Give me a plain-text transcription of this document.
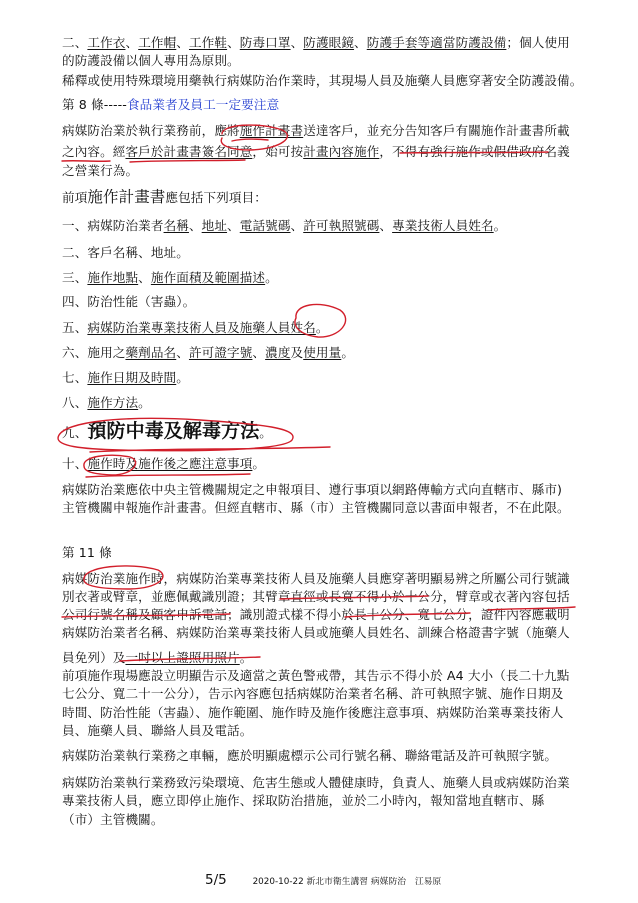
二、工作衣、工作帽、工作鞋、防毒口罩、防護眼鏡、防護手套等適當防護設備；個人使用
的防護設備以個人專用為原則。
稀釋或使用特殊環境用藥執行病媒防治作業時，其現場人員及施藥人員應穿著安全防護設備。
第 8 條-----食品業者及員工一定要注意
病媒防治業於執行業務前，應將施作計畫書送達客戶，並充分告知客戶有關施作計畫書所載
之內容。經客戶於計畫書簽名同意，始可按計畫內容施作，不得有強行施作或假借政府名義
之營業行為。
前項施作計畫書應包括下列項目：
一、病媒防治業者名稱、地址、電話號碼、許可執照號碼、專業技術人員姓名。
二、客戶名稱、地址。
三、施作地點、施作面積及範圍描述。
四、防治性能（害蟲）。
五、病媒防治業專業技術人員及施藥人員姓名。
六、施用之藥劑品名、許可證字號、濃度及使用量。
七、施作日期及時間。
八、施作方法。
九、預防中毒及解毒方法。
十、施作時及施作後之應注意事項。
病媒防治業應依中央主管機關規定之申報項目、遵行事項以網路傳輸方式向直轄市、縣市)
主管機關申報施作計畫書。但經直轄市、縣（市）主管機關同意以書面申報者，不在此限。
第 11 條
病媒防治業施作時，病媒防治業專業技術人員及施藥人員應穿著明顯易辨之所屬公司行號識
別衣著或臂章，並應佩戴識別證；其臂章直徑或長寬不得小於十公分，臂章或衣著內容包括
公司行號名稱及顧客申訴電話；識別證式樣不得小於長十公分、寬七公分，證件內容應載明
病媒防治業者名稱、病媒防治業專業技術人員或施藥人員姓名、訓練合格證書字號（施藥人
員免列）及一吋以上證照用照片。
前項施作現場應設立明顯告示及適當之黃色警戒帶，其告示不得小於 A4 大小（長二十九點
七公分、寬二十一公分），告示內容應包括病媒防治業者名稱、許可執照字號、施作日期及
時間、防治性能（害蟲）、施作範圍、施作時及施作後應注意事項、病媒防治業專業技術人
員、施藥人員、聯絡人員及電話。
病媒防治業執行業務之車輛，應於明顯處標示公司行號名稱、聯絡電話及許可執照字號。
病媒防治業執行業務致污染環境、危害生態或人體健康時，負責人、施藥人員或病媒防治業
專業技術人員，應立即停止施作、採取防治措施，並於二小時內，報知當地直轄市、縣
（市）主管機關。
5/5	2020-10-22 新北市衛生講習 病媒防治　江易原
